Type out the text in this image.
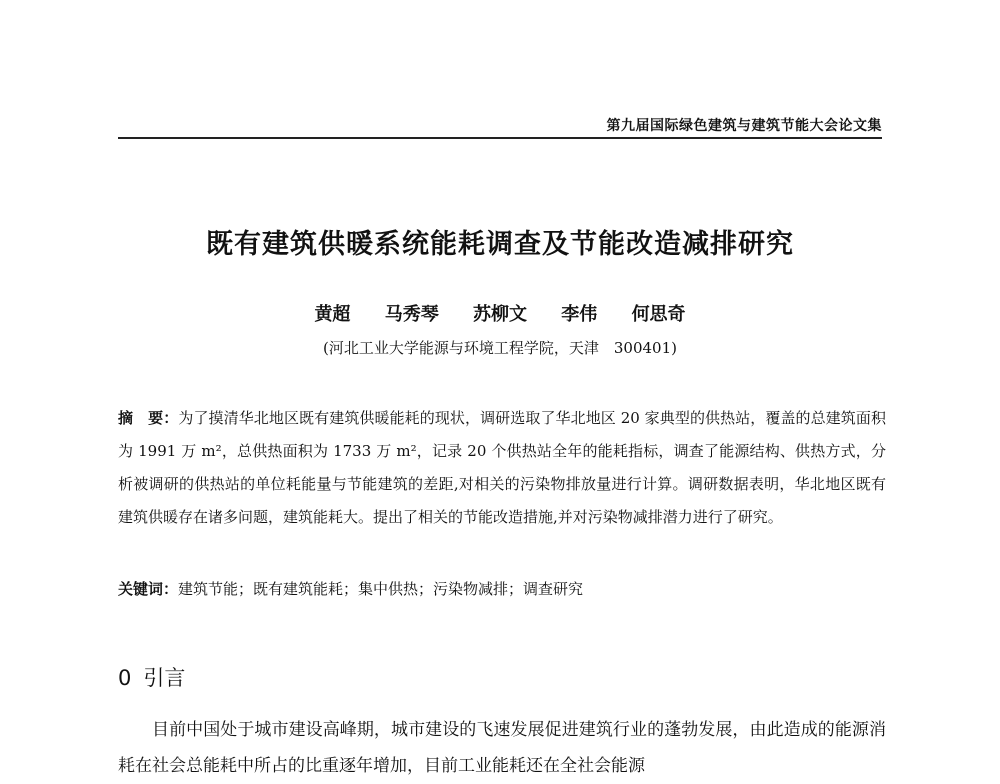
第九届国际绿色建筑与建筑节能大会论文集
既有建筑供暖系统能耗调查及节能改造减排研究
黄超 马秀琴 苏柳文 李伟 何思奇
(河北工业大学能源与环境工程学院，天津　300401)
摘　要：为了摸清华北地区既有建筑供暖能耗的现状，调研选取了华北地区 20 家典型的供热站，覆盖的总建筑面积为 1991 万 m²，总供热面积为 1733 万 m²，记录 20 个供热站全年的能耗指标，调查了能源结构、供热方式，分析被调研的供热站的单位耗能量与节能建筑的差距,对相关的污染物排放量进行计算。调研数据表明，华北地区既有建筑供暖存在诸多问题，建筑能耗大。提出了相关的节能改造措施,并对污染物减排潜力进行了研究。
关键词：建筑节能；既有建筑能耗；集中供热；污染物减排；调查研究
0 引言
目前中国处于城市建设高峰期，城市建设的飞速发展促进建筑行业的蓬勃发展，由此造成的能源消耗在社会总能耗中所占的比重逐年增加，目前工业能耗还在全社会能源
